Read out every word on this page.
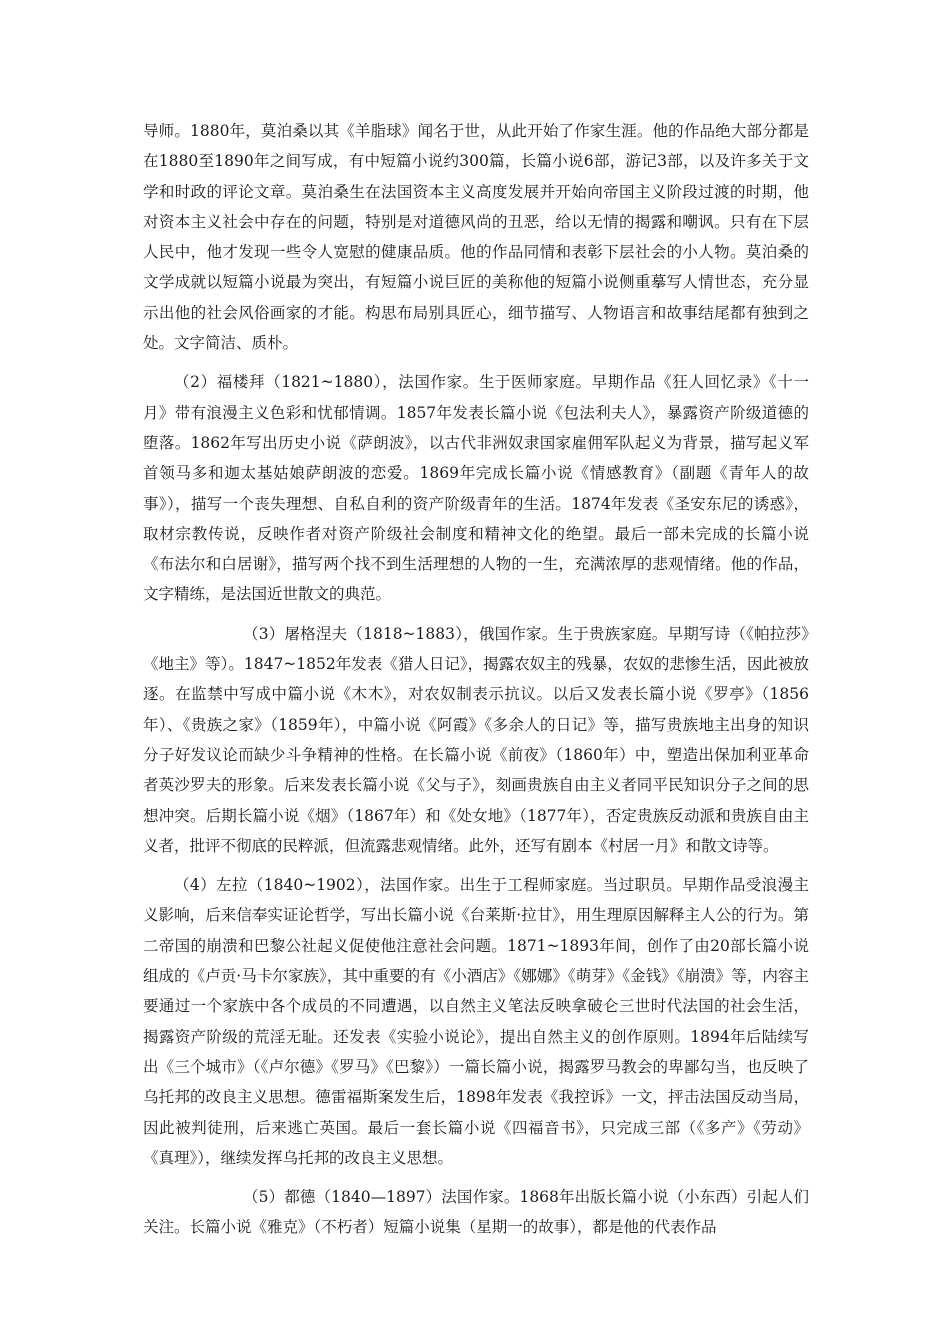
导师。1880年，莫泊桑以其《羊脂球》闻名于世，从此开始了作家生涯。他的作品绝大部分都是在1880至1890年之间写成，有中短篇小说约300篇，长篇小说6部，游记3部，以及许多关于文学和时政的评论文章。莫泊桑生在法国资本主义高度发展并开始向帝国主义阶段过渡的时期，他对资本主义社会中存在的问题，特别是对道德风尚的丑恶，给以无情的揭露和嘲讽。只有在下层人民中，他才发现一些令人宽慰的健康品质。他的作品同情和表彰下层社会的小人物。莫泊桑的文学成就以短篇小说最为突出，有短篇小说巨匠的美称他的短篇小说侧重摹写人情世态，充分显示出他的社会风俗画家的才能。构思布局别具匠心，细节描写、人物语言和故事结尾都有独到之处。文字简洁、质朴。

（2）福楼拜（1821~1880），法国作家。生于医师家庭。早期作品《狂人回忆录》《十一月》带有浪漫主义色彩和忧郁情调。1857年发表长篇小说《包法利夫人》，暴露资产阶级道德的堕落。1862年写出历史小说《萨朗波》，以古代非洲奴隶国家雇佣军队起义为背景，描写起义军首领马多和迦太基姑娘萨朗波的恋爱。1869年完成长篇小说《情感教育》（副题《青年人的故事》），描写一个丧失理想、自私自利的资产阶级青年的生活。1874年发表《圣安东尼的诱惑》，取材宗教传说，反映作者对资产阶级社会制度和精神文化的绝望。最后一部未完成的长篇小说《布法尔和白居谢》，描写两个找不到生活理想的人物的一生，充满浓厚的悲观情绪。他的作品，文字精练，是法国近世散文的典范。

（3）屠格涅夫（1818~1883），俄国作家。生于贵族家庭。早期写诗（《帕拉莎》《地主》等）。1847~1852年发表《猎人日记》，揭露农奴主的残暴，农奴的悲惨生活，因此被放逐。在监禁中写成中篇小说《木木》，对农奴制表示抗议。以后又发表长篇小说《罗亭》（1856年）、《贵族之家》（1859年），中篇小说《阿霞》《多余人的日记》等，描写贵族地主出身的知识分子好发议论而缺少斗争精神的性格。在长篇小说《前夜》（1860年）中，塑造出保加利亚革命者英沙罗夫的形象。后来发表长篇小说《父与子》，刻画贵族自由主义者同平民知识分子之间的思想冲突。后期长篇小说《烟》（1867年）和《处女地》（1877年），否定贵族反动派和贵族自由主义者，批评不彻底的民粹派，但流露悲观情绪。此外，还写有剧本《村居一月》和散文诗等。

（4）左拉（1840~1902），法国作家。出生于工程师家庭。当过职员。早期作品受浪漫主义影响，后来信奉实证论哲学，写出长篇小说《台莱斯·拉甘》，用生理原因解释主人公的行为。第二帝国的崩溃和巴黎公社起义促使他注意社会问题。1871~1893年间，创作了由20部长篇小说组成的《卢贡·马卡尔家族》，其中重要的有《小酒店》《娜娜》《萌芽》《金钱》《崩溃》等，内容主要通过一个家族中各个成员的不同遭遇，以自然主义笔法反映拿破仑三世时代法国的社会生活，揭露资产阶级的荒淫无耻。还发表《实验小说论》，提出自然主义的创作原则。1894年后陆续写出《三个城市》（《卢尔德》《罗马》《巴黎》）一篇长篇小说，揭露罗马教会的卑鄙勾当，也反映了乌托邦的改良主义思想。德雷福斯案发生后，1898年发表《我控诉》一文，抨击法国反动当局，因此被判徒刑，后来逃亡英国。最后一套长篇小说《四福音书》，只完成三部（《多产》《劳动》《真理》），继续发挥乌托邦的改良主义思想。

（5）都德（1840—1897）法国作家。1868年出版长篇小说（小东西）引起人们关注。长篇小说《雅克》（不朽者）短篇小说集（星期一的故事），都是他的代表作品
